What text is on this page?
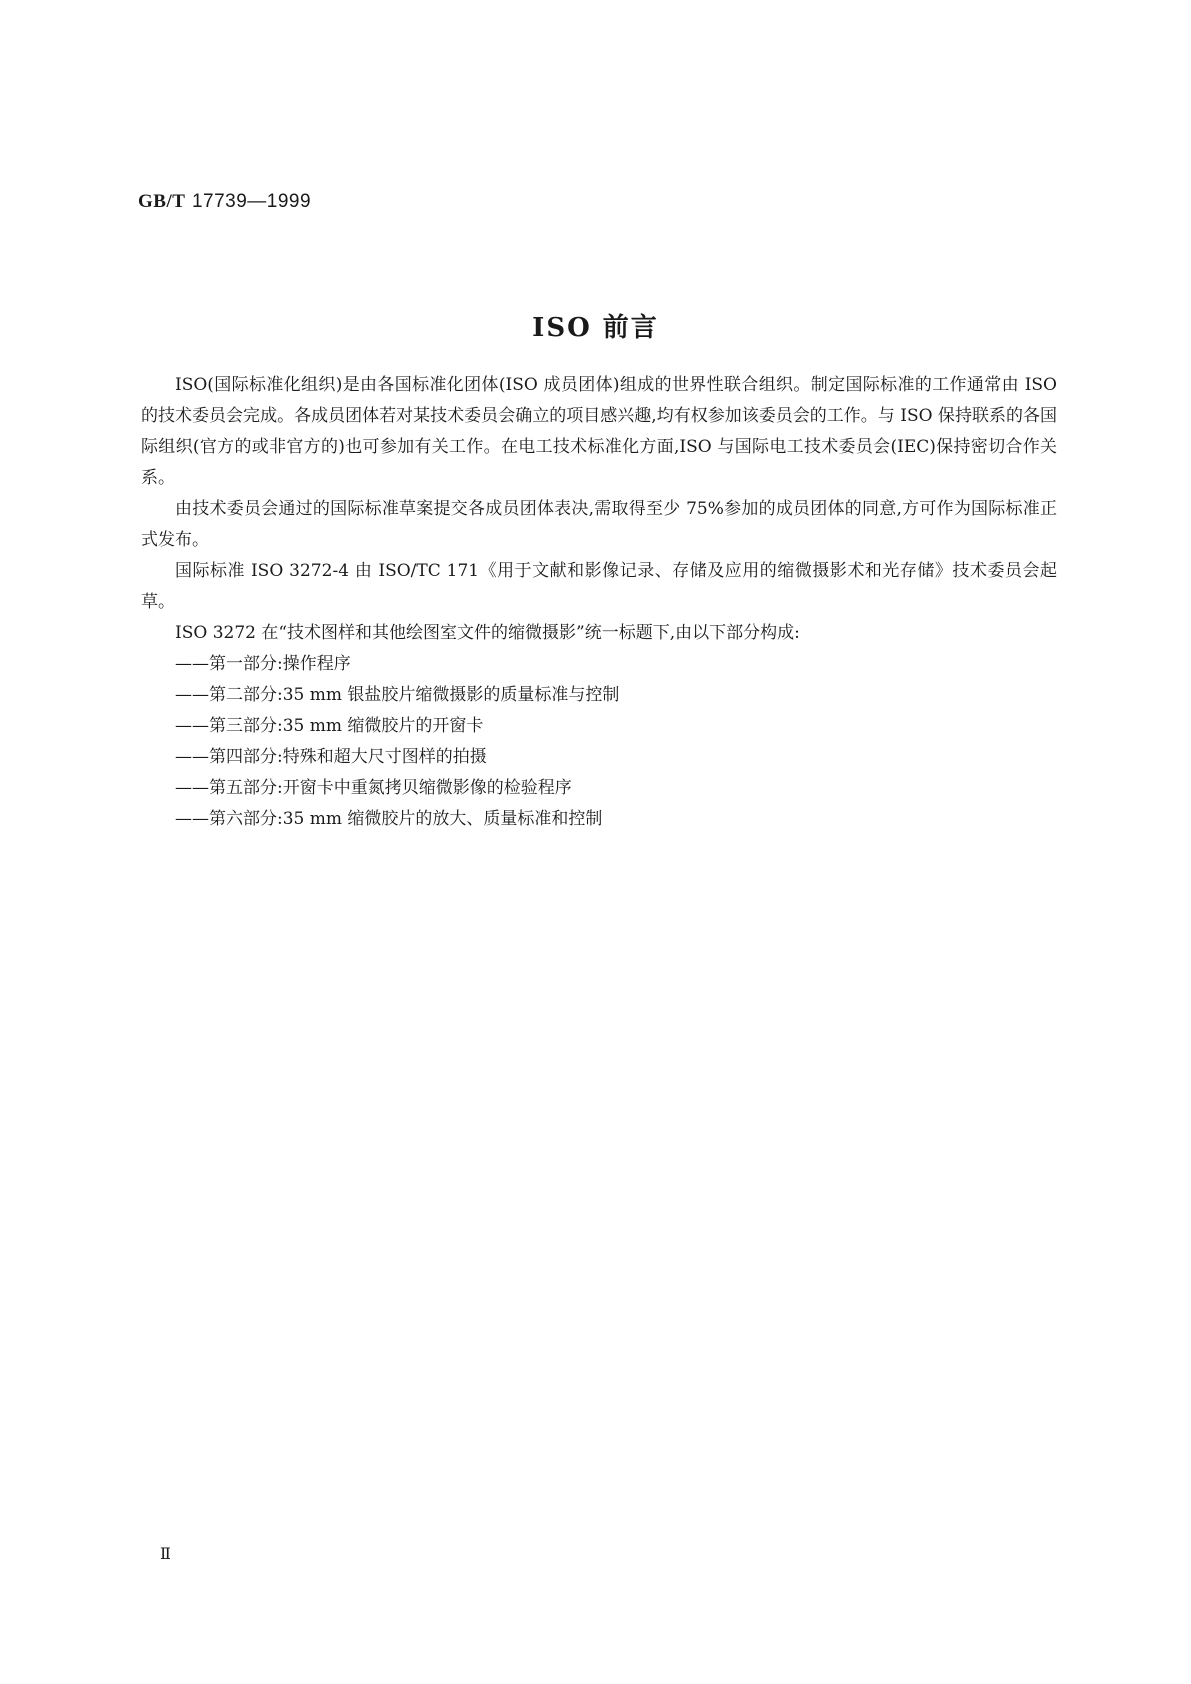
GB/T 17739—1999
ISO 前言

ISO(国际标准化组织)是由各国标准化团体(ISO 成员团体)组成的世界性联合组织。制定国际标准的工作通常由 ISO 的技术委员会完成。各成员团体若对某技术委员会确立的项目感兴趣,均有权参加该委员会的工作。与 ISO 保持联系的各国际组织(官方的或非官方的)也可参加有关工作。在电工技术标准化方面,ISO 与国际电工技术委员会(IEC)保持密切合作关系。

由技术委员会通过的国际标准草案提交各成员团体表决,需取得至少 75%参加的成员团体的同意,方可作为国际标准正式发布。

国际标准 ISO 3272-4 由 ISO/TC 171《用于文献和影像记录、存储及应用的缩微摄影术和光存储》技术委员会起草。

ISO 3272 在“技术图样和其他绘图室文件的缩微摄影”统一标题下,由以下部分构成:

——第一部分:操作程序
——第二部分:35 mm 银盐胶片缩微摄影的质量标准与控制
——第三部分:35 mm 缩微胶片的开窗卡
——第四部分:特殊和超大尺寸图样的拍摄
——第五部分:开窗卡中重氮拷贝缩微影像的检验程序
——第六部分:35 mm 缩微胶片的放大、质量标准和控制
Ⅱ
